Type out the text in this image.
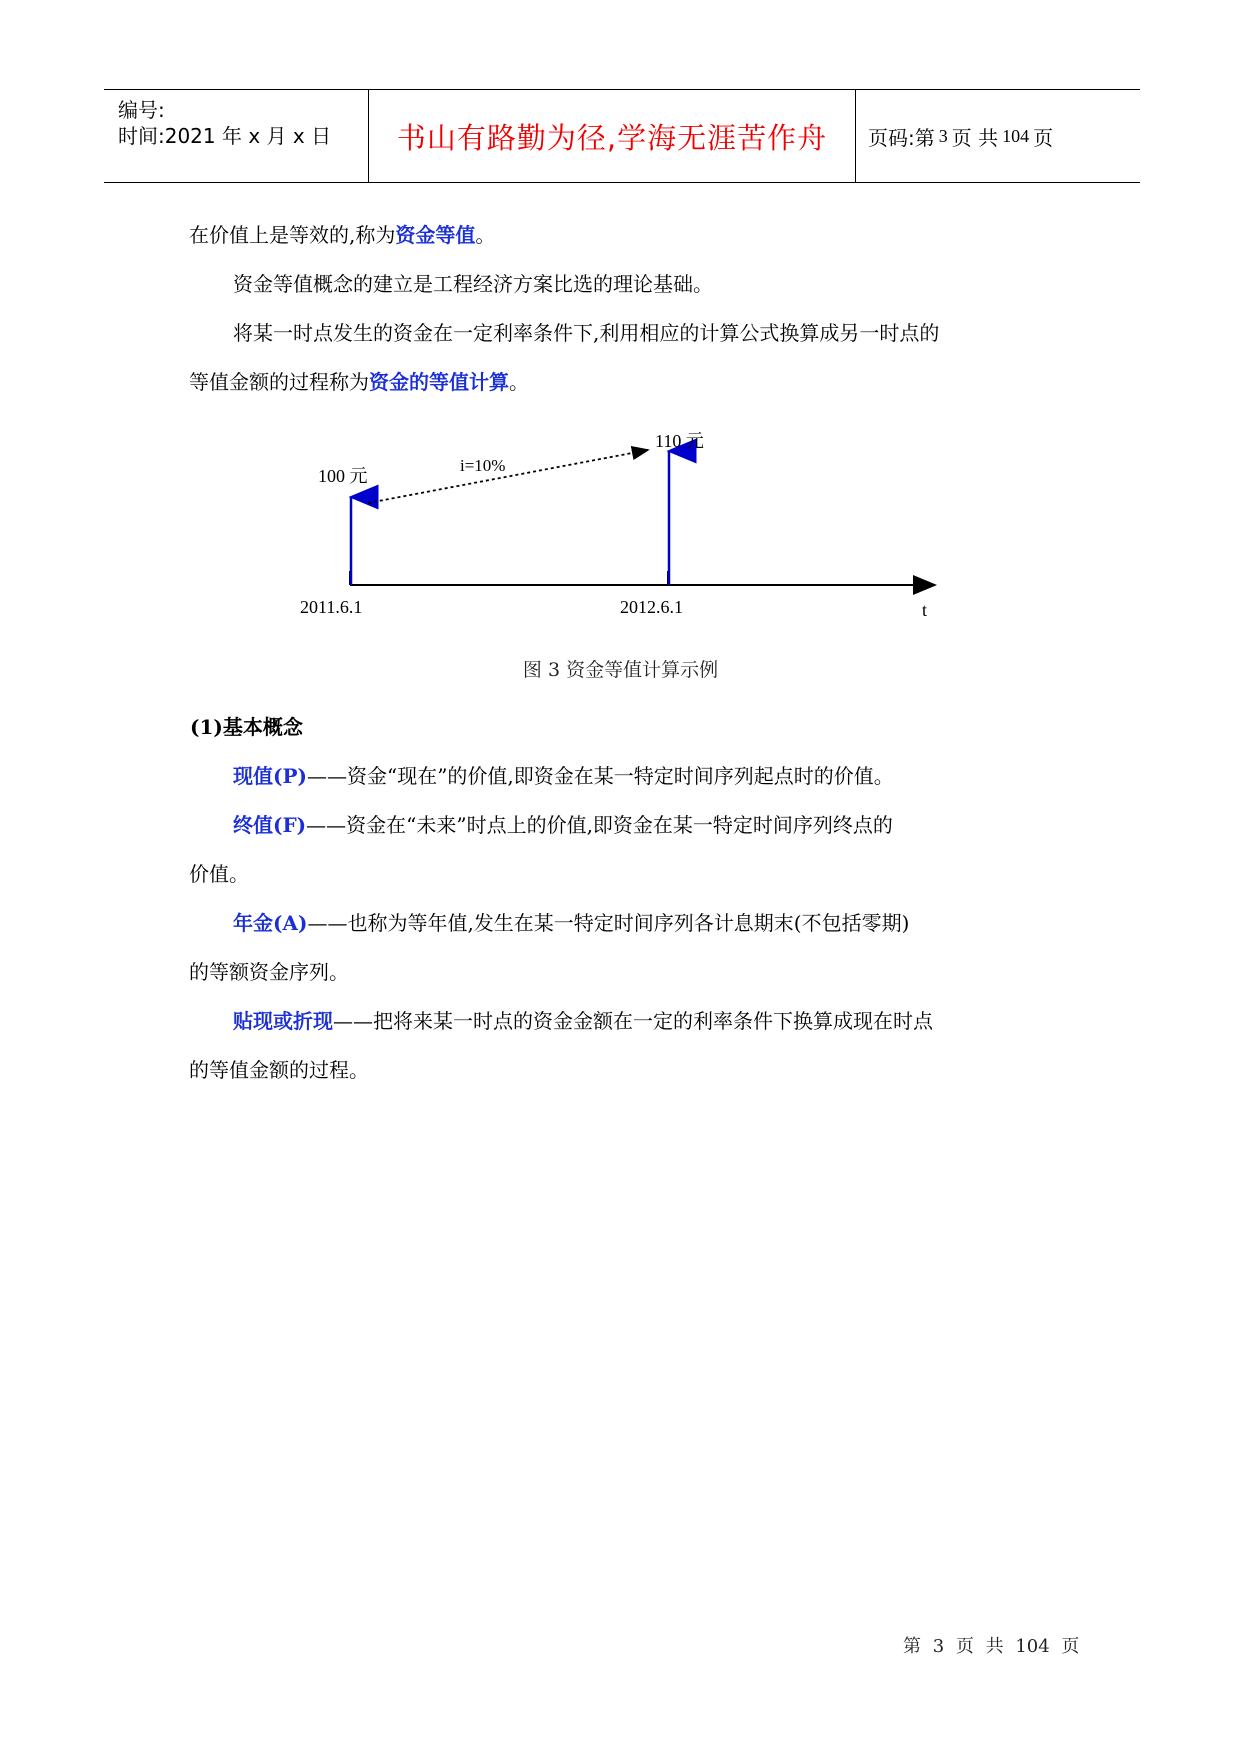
编号:
时间:2021 年 x 月 x 日 书山有路勤为径,学海无涯苦作舟 页码:第 3 页 共 104 页
在价值上是等效的,称为资金等值。
资金等值概念的建立是工程经济方案比选的理论基础。
将某一时点发生的资金在一定利率条件下,利用相应的计算公式换算成另一时点的
等值金额的过程称为资金的等值计算。
100 元
110 元
i=10%
2011.6.1	2012.6.1	t
图 3 资金等值计算示例
(1)基本概念
现值(P)——资金“现在”的价值,即资金在某一特定时间序列起点时的价值。
终值(F)——资金在“未来”时点上的价值,即资金在某一特定时间序列终点的
价值。
年金(A)——也称为等年值,发生在某一特定时间序列各计息期末(不包括零期)
的等额资金序列。
贴现或折现——把将来某一时点的资金金额在一定的利率条件下换算成现在时点
的等值金额的过程。
第 3 页 共 104 页
